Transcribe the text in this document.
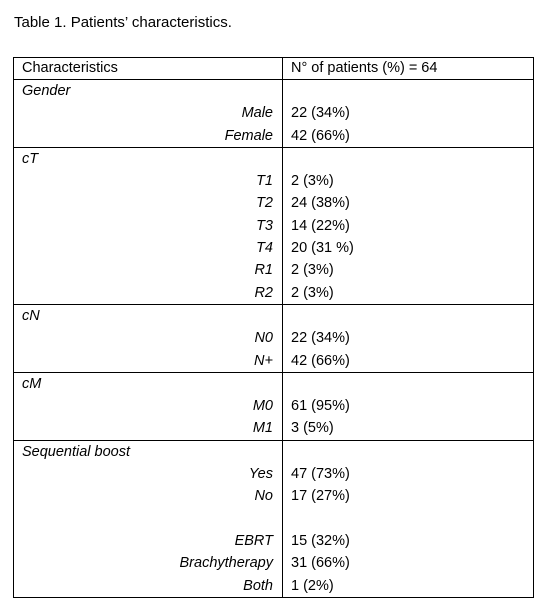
Table 1. Patients’ characteristics.
Characteristics	N° of patients (%) = 64
Gender	
Male	22 (34%)
Female	42 (66%)
cT	
T1	2 (3%)
T2	24 (38%)
T3	14 (22%)
T4	20 (31 %)
R1	2 (3%)
R2	2 (3%)
cN	
N0	22 (34%)
N+	42 (66%)
cM	
M0	61 (95%)
M1	3 (5%)
Sequential boost	
Yes	47 (73%)
No	17 (27%)

EBRT	15 (32%)
Brachytherapy	31 (66%)
Both	1 (2%)
